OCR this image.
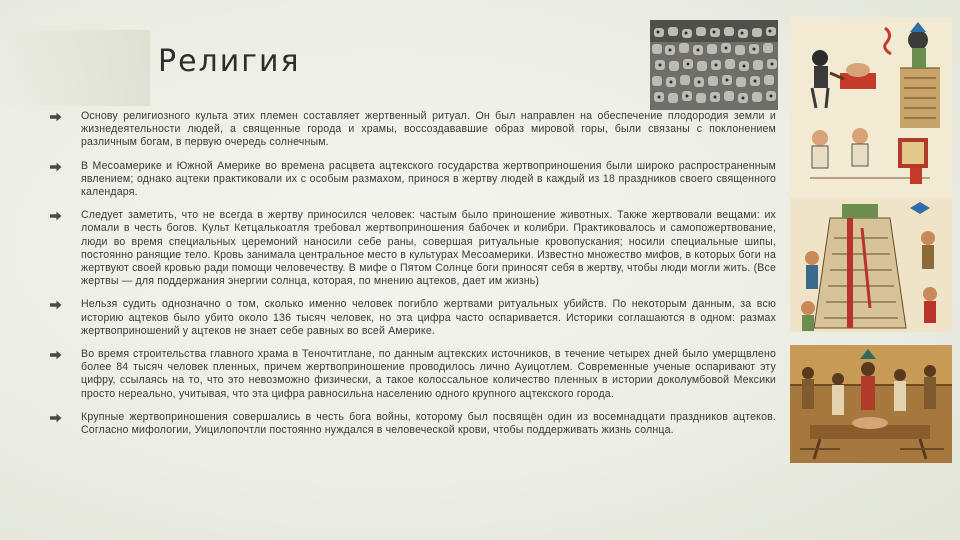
Религия
Основу религиозного культа этих племен составляет жертвенный ритуал. Он был направлен на обеспечение плодородия земли и жизнедеятельности людей, а священные города и храмы, воссоздававшие образ мировой горы, были связаны с поклонением различным богам, в первую очередь солнечным.
В Месоамерике и Южной Америке во времена расцвета ацтекского государства жертвоприношения были широко распространенным явлением; однако ацтеки практиковали их с особым размахом, принося в жертву людей в каждый из 18 праздников своего священного календаря.
Следует заметить, что не всегда в жертву приносился человек: частым было приношение животных. Также жертвовали вещами: их ломали в честь богов. Культ Кетцалькоатля требовал жертвоприношения бабочек и колибри. Практиковалось и самопожертвование, люди во время специальных церемоний наносили себе раны, совершая ритуальные кровопускания; носили специальные шипы, постоянно ранящие тело. Кровь занимала центральное место в культурах Месоамерики. Известно множество мифов, в которых боги на жертвуют своей кровью ради помощи человечеству. В мифе о Пятом Солнце боги приносят себя в жертву, чтобы люди могли жить. (Все жертвы — для поддержания энергии солнца, которая, по мнению ацтеков, дает им жизнь)
Нельзя судить однозначно о том, сколько именно человек погибло жертвами ритуальных убийств. По некоторым данным, за всю историю ацтеков было убито около 136 тысяч человек, но эта цифра часто оспаривается. Историки соглашаются в одном: размах жертвоприношений у ацтеков не знает себе равных во всей Америке.
Во время строительства главного храма в Теночтитлане, по данным ацтекских источников, в течение четырех дней было умерщвлено более 84 тысяч человек пленных, причем жертвоприношение проводилось лично Ауицотлем. Современные ученые оспаривают эту цифру, ссылаясь на то, что это невозможно физически, а такое колоссальное количество пленных в истории доколумбовой Мексики просто нереально, учитывая, что эта цифра равносильна населению одного крупного ацтекского города.
Крупные жертвоприношения совершались в честь бога войны, которому был посвящён один из восемнадцати праздников ацтеков. Согласно мифологии, Уицилопочтли постоянно нуждался в человеческой крови, чтобы поддерживать жизнь солнца.
